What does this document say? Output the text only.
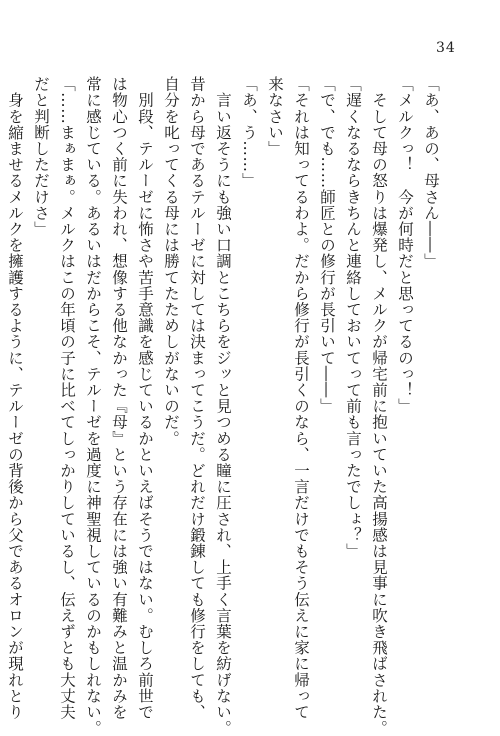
34
「あ、あの、母さん――」
「メルクっ！　今が何時だと思ってるのっ！」
　そして母の怒りは爆発し、メルクが帰宅前に抱いていた高揚感は見事に吹き飛ばされた。
「遅くなるならきちんと連絡しておいてって前も言ったでしょ？」
「で、でも……師匠との修行が長引いて――」
「それは知ってるわよ。だから修行が長引くのなら、一言だけでもそう伝えに家に帰って
来なさい」
「あ、う……」
　言い返そうにも強い口調とこちらをジッと見つめる瞳に圧され、上手く言葉を紡げない。
昔から母であるテルーゼに対しては決まってこうだ。どれだけ鍛錬しても修行をしても、
自分を叱ってくる母には勝てたためしがないのだ。
　別段、テルーゼに怖さや苦手意識を感じているかといえばそうではない。むしろ前世で
は物心つく前に失われ、想像する他なかった『母』という存在には強い有難みと温かみを
常に感じている。あるいはだからこそ、テルーゼを過度に神聖視しているのかもしれない。
「……まぁまぁ。メルクはこの年頃の子に比べてしっかりしているし、伝えずとも大丈夫
だと判断しただけさ」
　身を縮ませるメルクを擁護するように、テルーゼの背後から父であるオロンが現れとり
